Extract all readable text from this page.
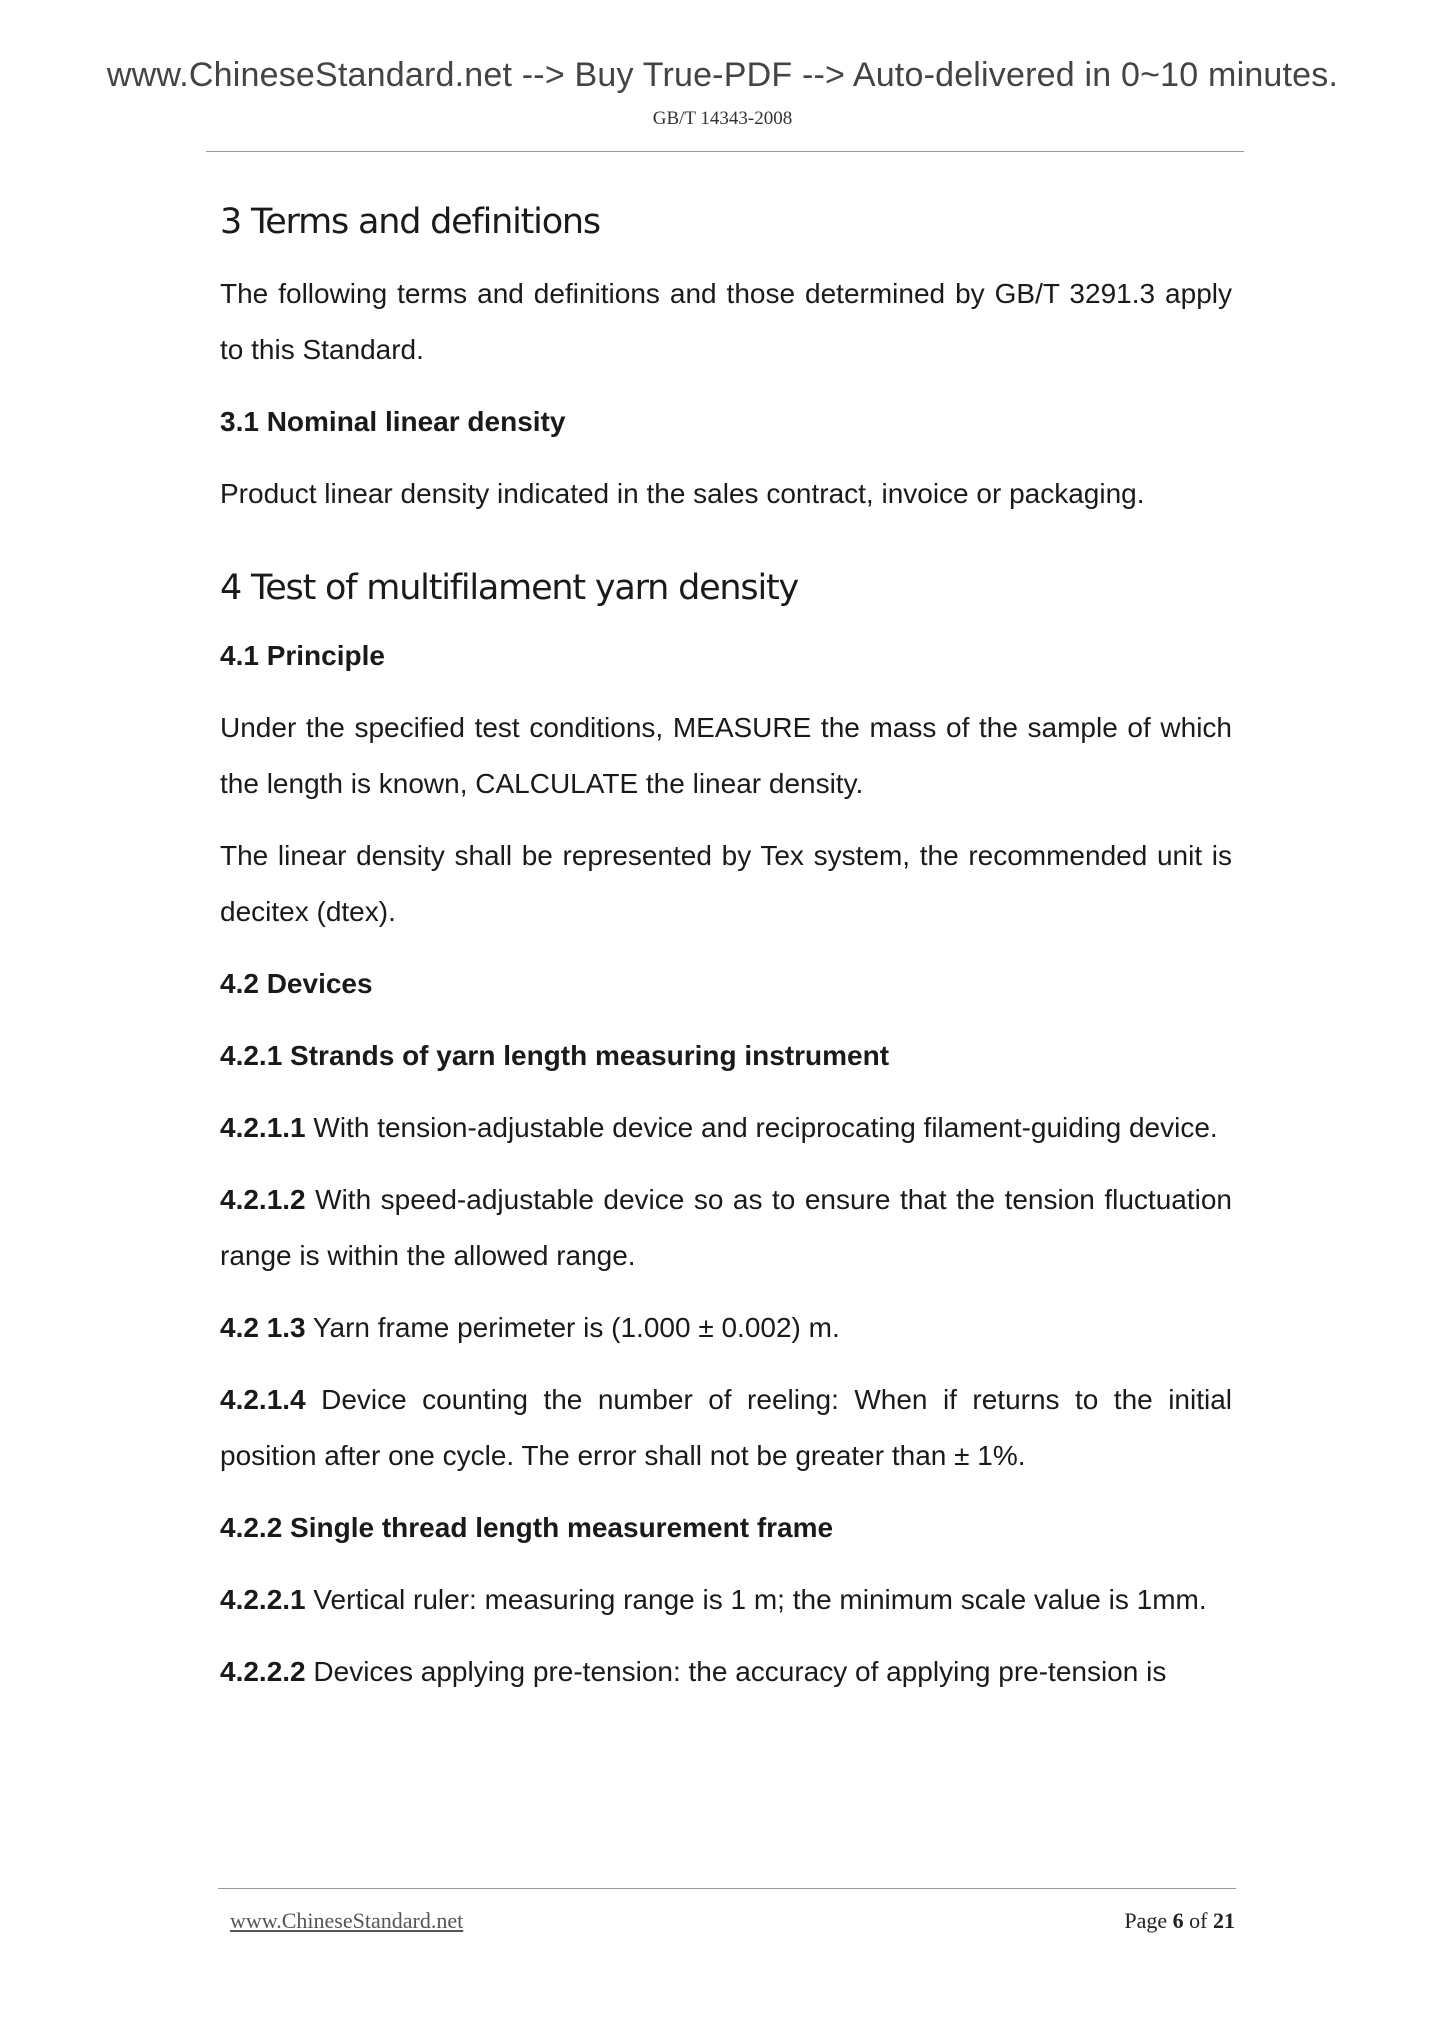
www.ChineseStandard.net --> Buy True-PDF --> Auto-delivered in 0~10 minutes.
GB/T 14343-2008
3 Terms and definitions

The following terms and definitions and those determined by GB/T 3291.3 apply to this Standard.

3.1 Nominal linear density

Product linear density indicated in the sales contract, invoice or packaging.

4 Test of multifilament yarn density

4.1 Principle

Under the specified test conditions, MEASURE the mass of the sample of which the length is known, CALCULATE the linear density.

The linear density shall be represented by Tex system, the recommended unit is decitex (dtex).

4.2 Devices

4.2.1 Strands of yarn length measuring instrument

4.2.1.1 With tension-adjustable device and reciprocating filament-guiding device.

4.2.1.2 With speed-adjustable device so as to ensure that the tension fluctuation range is within the allowed range.

4.2 1.3 Yarn frame perimeter is (1.000 ± 0.002) m.

4.2.1.4 Device counting the number of reeling: When if returns to the initial position after one cycle. The error shall not be greater than ± 1%.

4.2.2 Single thread length measurement frame

4.2.2.1 Vertical ruler: measuring range is 1 m; the minimum scale value is 1mm.

4.2.2.2 Devices applying pre-tension: the accuracy of applying pre-tension is

www.ChineseStandard.net	Page 6 of 21
